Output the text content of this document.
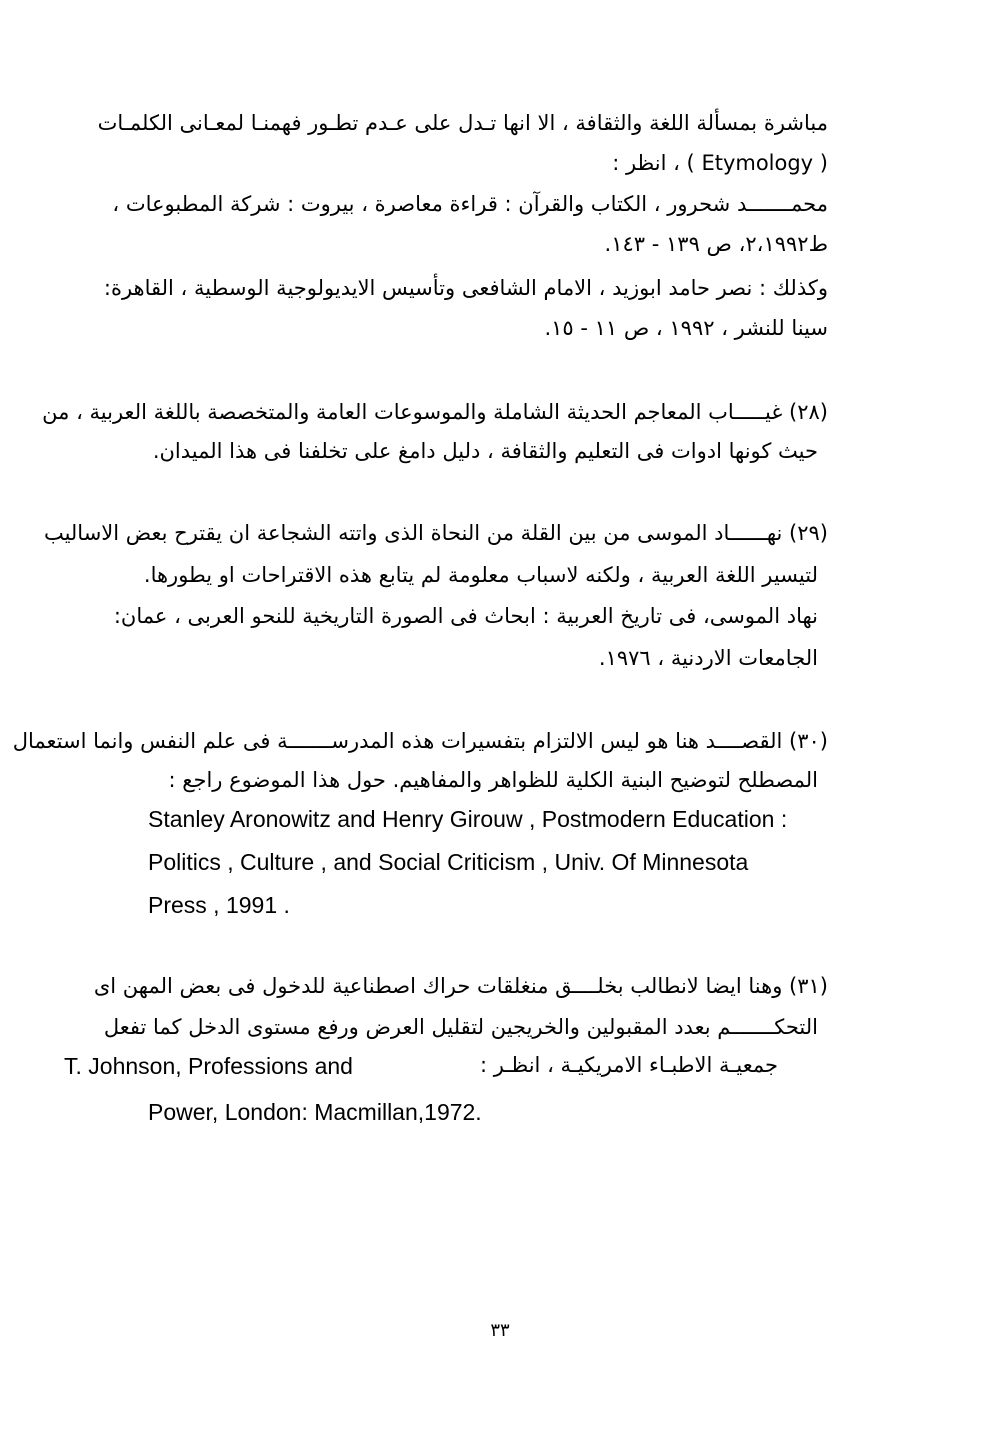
مباشرة بمسألة اللغة والثقافة ، الا انها تـدل على عـدم تطـور فهمنـا لمعـانى الكلمـات
( Etymology ) ، انظر :
محمـــــــد شحرور ، الكتاب والقرآن : قراءة معاصرة ، بيروت : شركة المطبوعات ،
ط٢،١٩٩٢، ص ١٣٩ - ١٤٣.
وكذلك : نصر حامد ابوزيد ، الامام الشافعى وتأسيس الايديولوجية الوسطية ، القاهرة:
سينا للنشر ، ١٩٩٢ ، ص ١١ - ١٥.
(٢٨) غيـــــاب المعاجم الحديثة الشاملة والموسوعات العامة والمتخصصة باللغة العربية ، من
حيث كونها ادوات فى التعليم والثقافة ، دليل دامغ على تخلفنا فى هذا الميدان.
(٢٩) نهــــــاد الموسى من بين القلة من النحاة الذى واتته الشجاعة ان يقترح بعض الاساليب
لتيسير اللغة العربية ، ولكنه لاسباب معلومة لم يتابع هذه الاقتراحات او يطورها.
نهاد الموسى، فى تاريخ العربية : ابحاث فى الصورة التاريخية للنحو العربى ، عمان:
الجامعات الاردنية ، ١٩٧٦.
(٣٠) القصــــد هنا هو ليس الالتزام بتفسيرات هذه المدرســـــــة فى علم النفس وانما استعمال
المصطلح لتوضيح البنية الكلية للظواهر والمفاهيم. حول هذا الموضوع راجع :
Stanley Aronowitz and Henry Girouw , Postmodern Education :
Politics , Culture , and Social Criticism , Univ. Of Minnesota
Press , 1991 .
(٣١) وهنا ايضا لانطالب بخلــــق منغلقات حراك اصطناعية للدخول فى بعض المهن اى
التحكـــــــم بعدد المقبولين والخريجين لتقليل العرض ورفع مستوى الدخل كما تفعل
جمعيـة الاطبـاء الامريكيـة ، انظـر :
T. Johnson, Professions and
Power, London: Macmillan,1972.
٣٣
